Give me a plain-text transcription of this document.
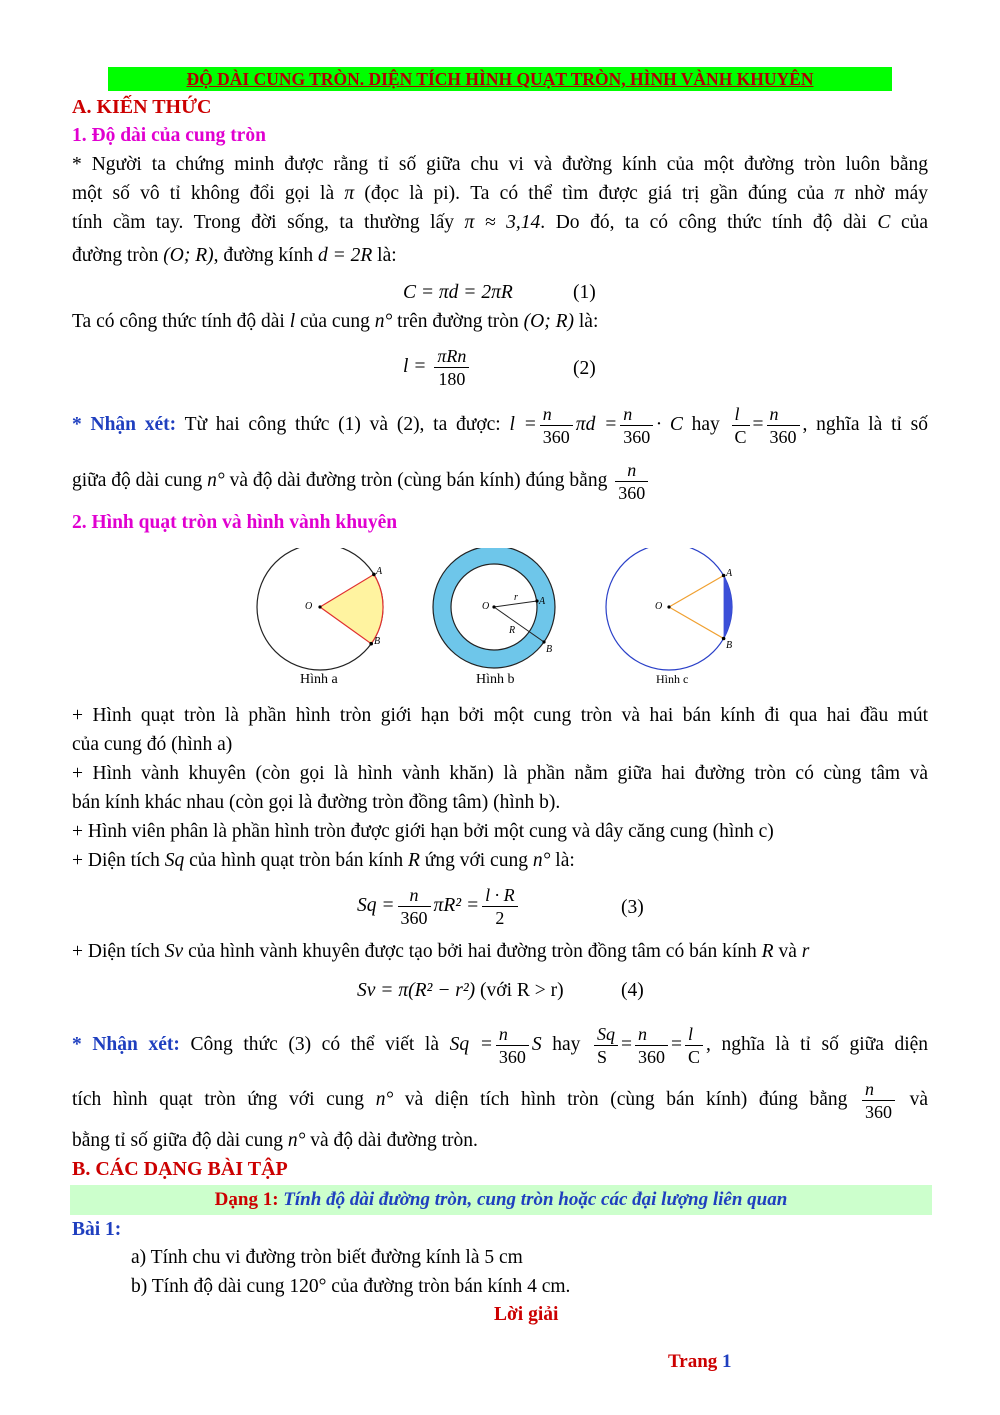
ĐỘ DÀI CUNG TRÒN. DIỆN TÍCH HÌNH QUẠT TRÒN, HÌNH VÀNH KHUYÊN
A. KIẾN THỨC
1. Độ dài của cung tròn
* Người ta chứng minh được rằng tỉ số giữa chu vi và đường kính của một đường tròn luôn bằng
một số vô tỉ không đổi gọi là π (đọc là pi). Ta có thể tìm được giá trị gần đúng của π nhờ máy
tính cầm tay. Trong đời sống, ta thường lấy π ≈ 3,14. Do đó, ta có công thức tính độ dài C của
đường tròn (O; R), đường kính d = 2R là:
C = πd = 2πR	(1)
Ta có công thức tính độ dài l của cung n° trên đường tròn (O; R) là:
$l = \frac{\text{πRn}}{180}$	(2)
* Nhận xét: Từ hai công thức (1) và (2), ta được: $l = \frac{n}{360}$ $\pi d = \frac{n}{360} \cdot C$ hay $\frac{l}{C} = \frac{n}{360}$ , nghĩa là tỉ số
giữa độ dài cung n° và độ dài đường tròn (cùng bán kính) đúng bằng $\frac{n}{360}$
2. Hình quạt tròn và hình vành khuyên
O
A
B
Hình a
O	A
B
r
R
Hình b
O
A
B
Hình c
+ Hình quạt tròn là phần hình tròn giới hạn bởi một cung tròn và hai bán kính đi qua hai đầu mút
của cung đó (hình a)
+ Hình vành khuyên (còn gọi là hình vành khăn) là phần nằm giữa hai đường tròn có cùng tâm và
bán kính khác nhau (còn gọi là đường tròn đồng tâm) (hình b).
+ Hình viên phân là phần hình tròn được giới hạn bởi một cung và dây căng cung (hình c)
+ Diện tích Sq của hình quạt tròn bán kính R ứng với cung n° là:
$Sq = \frac{n}{360} \pi R^2 = \frac{l \cdot R}{2}$	(3)
+ Diện tích Sv của hình vành khuyên được tạo bởi hai đường tròn đồng tâm có bán kính R và r
Sv = π(R² − r²) (với R > r)	(4)
* Nhận xét: Công thức (3) có thể viết là $Sq = \frac{n}{360}$ S hay $\frac{Sq}{S} = \frac{n}{360} = \frac{l}{C}$ , nghĩa là tỉ số giữa diện
tích hình quạt tròn ứng với cung n° và diện tích hình tròn (cùng bán kính) đúng bằng $\frac{n}{360}$ và
bằng tỉ số giữa độ dài cung n° và độ dài đường tròn.
B. CÁC DẠNG BÀI TẬP
Dạng 1: Tính độ dài đường tròn, cung tròn hoặc các đại lượng liên quan
Bài 1:
a) Tính chu vi đường tròn biết đường kính là 5 cm
b) Tính độ dài cung 120° của đường tròn bán kính 4 cm.
Lời giải
Trang 1
